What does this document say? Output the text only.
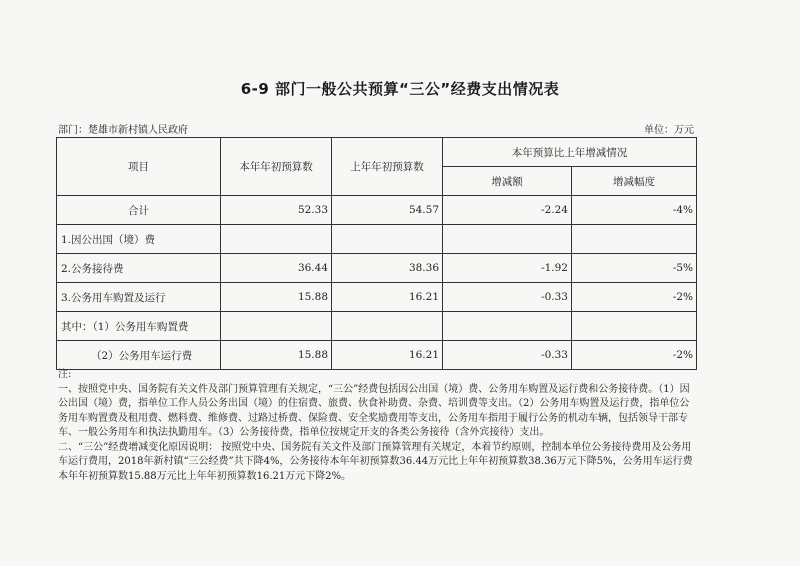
6-9 部门一般公共预算“三公”经费支出情况表
部门：楚雄市新村镇人民政府	单位：万元
项目	本年年初预算数	上年年初预算数	本年预算比上年增减情况	
			增减额	增减幅度
合计	52.33	54.57	-2.24	-4%
1.因公出国（境）费				
2.公务接待费	36.44	38.36	-1.92	-5%
3.公务用车购置及运行	15.88	16.21	-0.33	-2%
其中：（1）公务用车购置费				
（2）公务用车运行费	15.88	16.21	-0.33	-2%

注:

一、按照党中央、国务院有关文件及部门预算管理有关规定，“三公”经费包括因公出国（境）费、公务用车购置及运行费和公务接待费。（1）因公出国（境）费，指单位工作人员公务出国（境）的住宿费、旅费、伙食补助费、杂费、培训费等支出。（2）公务用车购置及运行费，指单位公务用车购置费及租用费、燃料费、维修费、过路过桥费、保险费、安全奖励费用等支出，公务用车指用于履行公务的机动车辆，包括领导干部专车、一般公务用车和执法执勤用车。（3）公务接待费，指单位按规定开支的各类公务接待（含外宾接待）支出。

二、“三公”经费增减变化原因说明： 按照党中央、国务院有关文件及部门预算管理有关规定，本着节约原则，控制本单位公务接待费用及公务用车运行费用，2018年新村镇“三公经费”共下降4%，公务接待本年年初预算数36.44万元比上年年初预算数38.36万元下降5%，公务用车运行费本年年初预算数15.88万元比上年年初预算数16.21万元下降2%。
